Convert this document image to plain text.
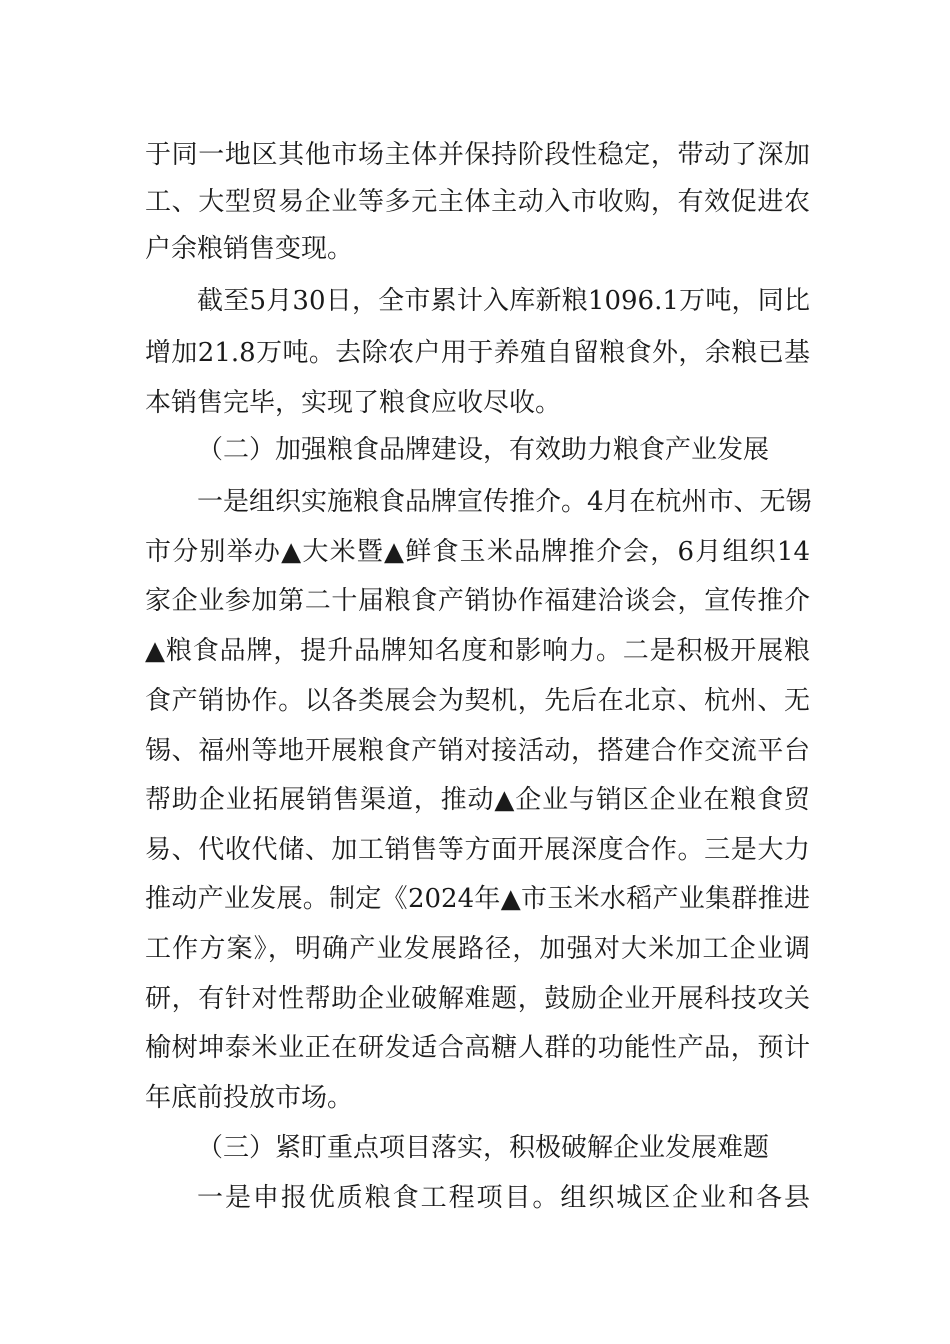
于同一地区其他市场主体并保持阶段性稳定，带动了深加
工、大型贸易企业等多元主体主动入市收购，有效促进农
户余粮销售变现。
截至5月30日，全市累计入库新粮1096.1万吨，同比
增加21.8万吨。去除农户用于养殖自留粮食外，余粮已基
本销售完毕，实现了粮食应收尽收。
（二）加强粮食品牌建设，有效助力粮食产业发展
一是组织实施粮食品牌宣传推介。4月在杭州市、无锡
市分别举办▲大米暨▲鲜食玉米品牌推介会，6月组织14
家企业参加第二十届粮食产销协作福建洽谈会，宣传推介
▲粮食品牌，提升品牌知名度和影响力。二是积极开展粮
食产销协作。以各类展会为契机，先后在北京、杭州、无
锡、福州等地开展粮食产销对接活动，搭建合作交流平台
帮助企业拓展销售渠道，推动▲企业与销区企业在粮食贸
易、代收代储、加工销售等方面开展深度合作。三是大力
推动产业发展。制定《2024年▲市玉米水稻产业集群推进
工作方案》，明确产业发展路径，加强对大米加工企业调
研，有针对性帮助企业破解难题，鼓励企业开展科技攻关
榆树坤泰米业正在研发适合高糖人群的功能性产品，预计
年底前投放市场。
（三）紧盯重点项目落实，积极破解企业发展难题
一是申报优质粮食工程项目。组织城区企业和各县
